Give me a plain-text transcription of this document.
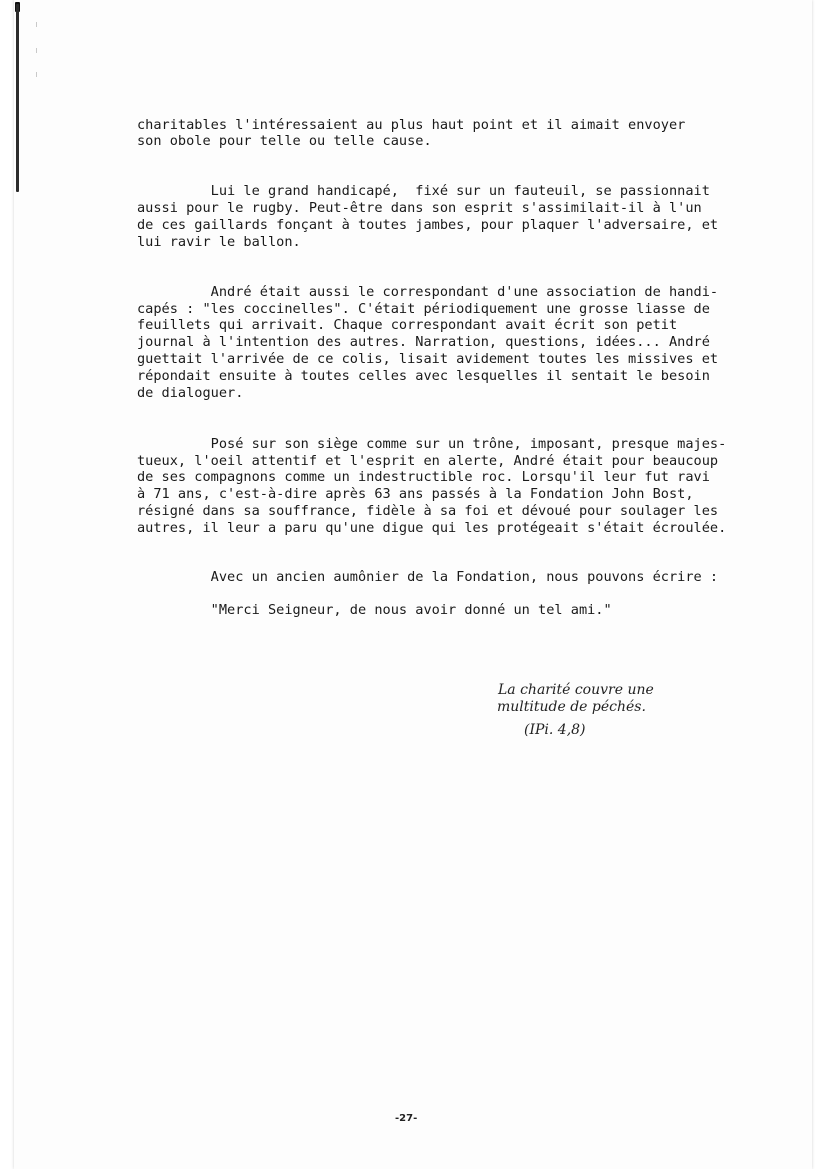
charitables l'intéressaient au plus haut point et il aimait envoyer
son obole pour telle ou telle cause.
Lui le grand handicapé,  fixé sur un fauteuil, se passionnait
aussi pour le rugby. Peut-être dans son esprit s'assimilait-il à l'un
de ces gaillards fonçant à toutes jambes, pour plaquer l'adversaire, et
lui ravir le ballon.
André était aussi le correspondant d'une association de handi-
capés : "les coccinelles". C'était périodiquement une grosse liasse de
feuillets qui arrivait. Chaque correspondant avait écrit son petit
journal à l'intention des autres. Narration, questions, idées... André
guettait l'arrivée de ce colis, lisait avidement toutes les missives et
répondait ensuite à toutes celles avec lesquelles il sentait le besoin
de dialoguer.
Posé sur son siège comme sur un trône, imposant, presque majes-
tueux, l'oeil attentif et l'esprit en alerte, André était pour beaucoup
de ses compagnons comme un indestructible roc. Lorsqu'il leur fut ravi
à 71 ans, c'est-à-dire après 63 ans passés à la Fondation John Bost,
résigné dans sa souffrance, fidèle à sa foi et dévoué pour soulager les
autres, il leur a paru qu'une digue qui les protégeait s'était écroulée.
Avec un ancien aumônier de la Fondation, nous pouvons écrire :
"Merci Seigneur, de nous avoir donné un tel ami."
La charité couvre une
multitude de péchés.
(IPi. 4,8)
-27-
